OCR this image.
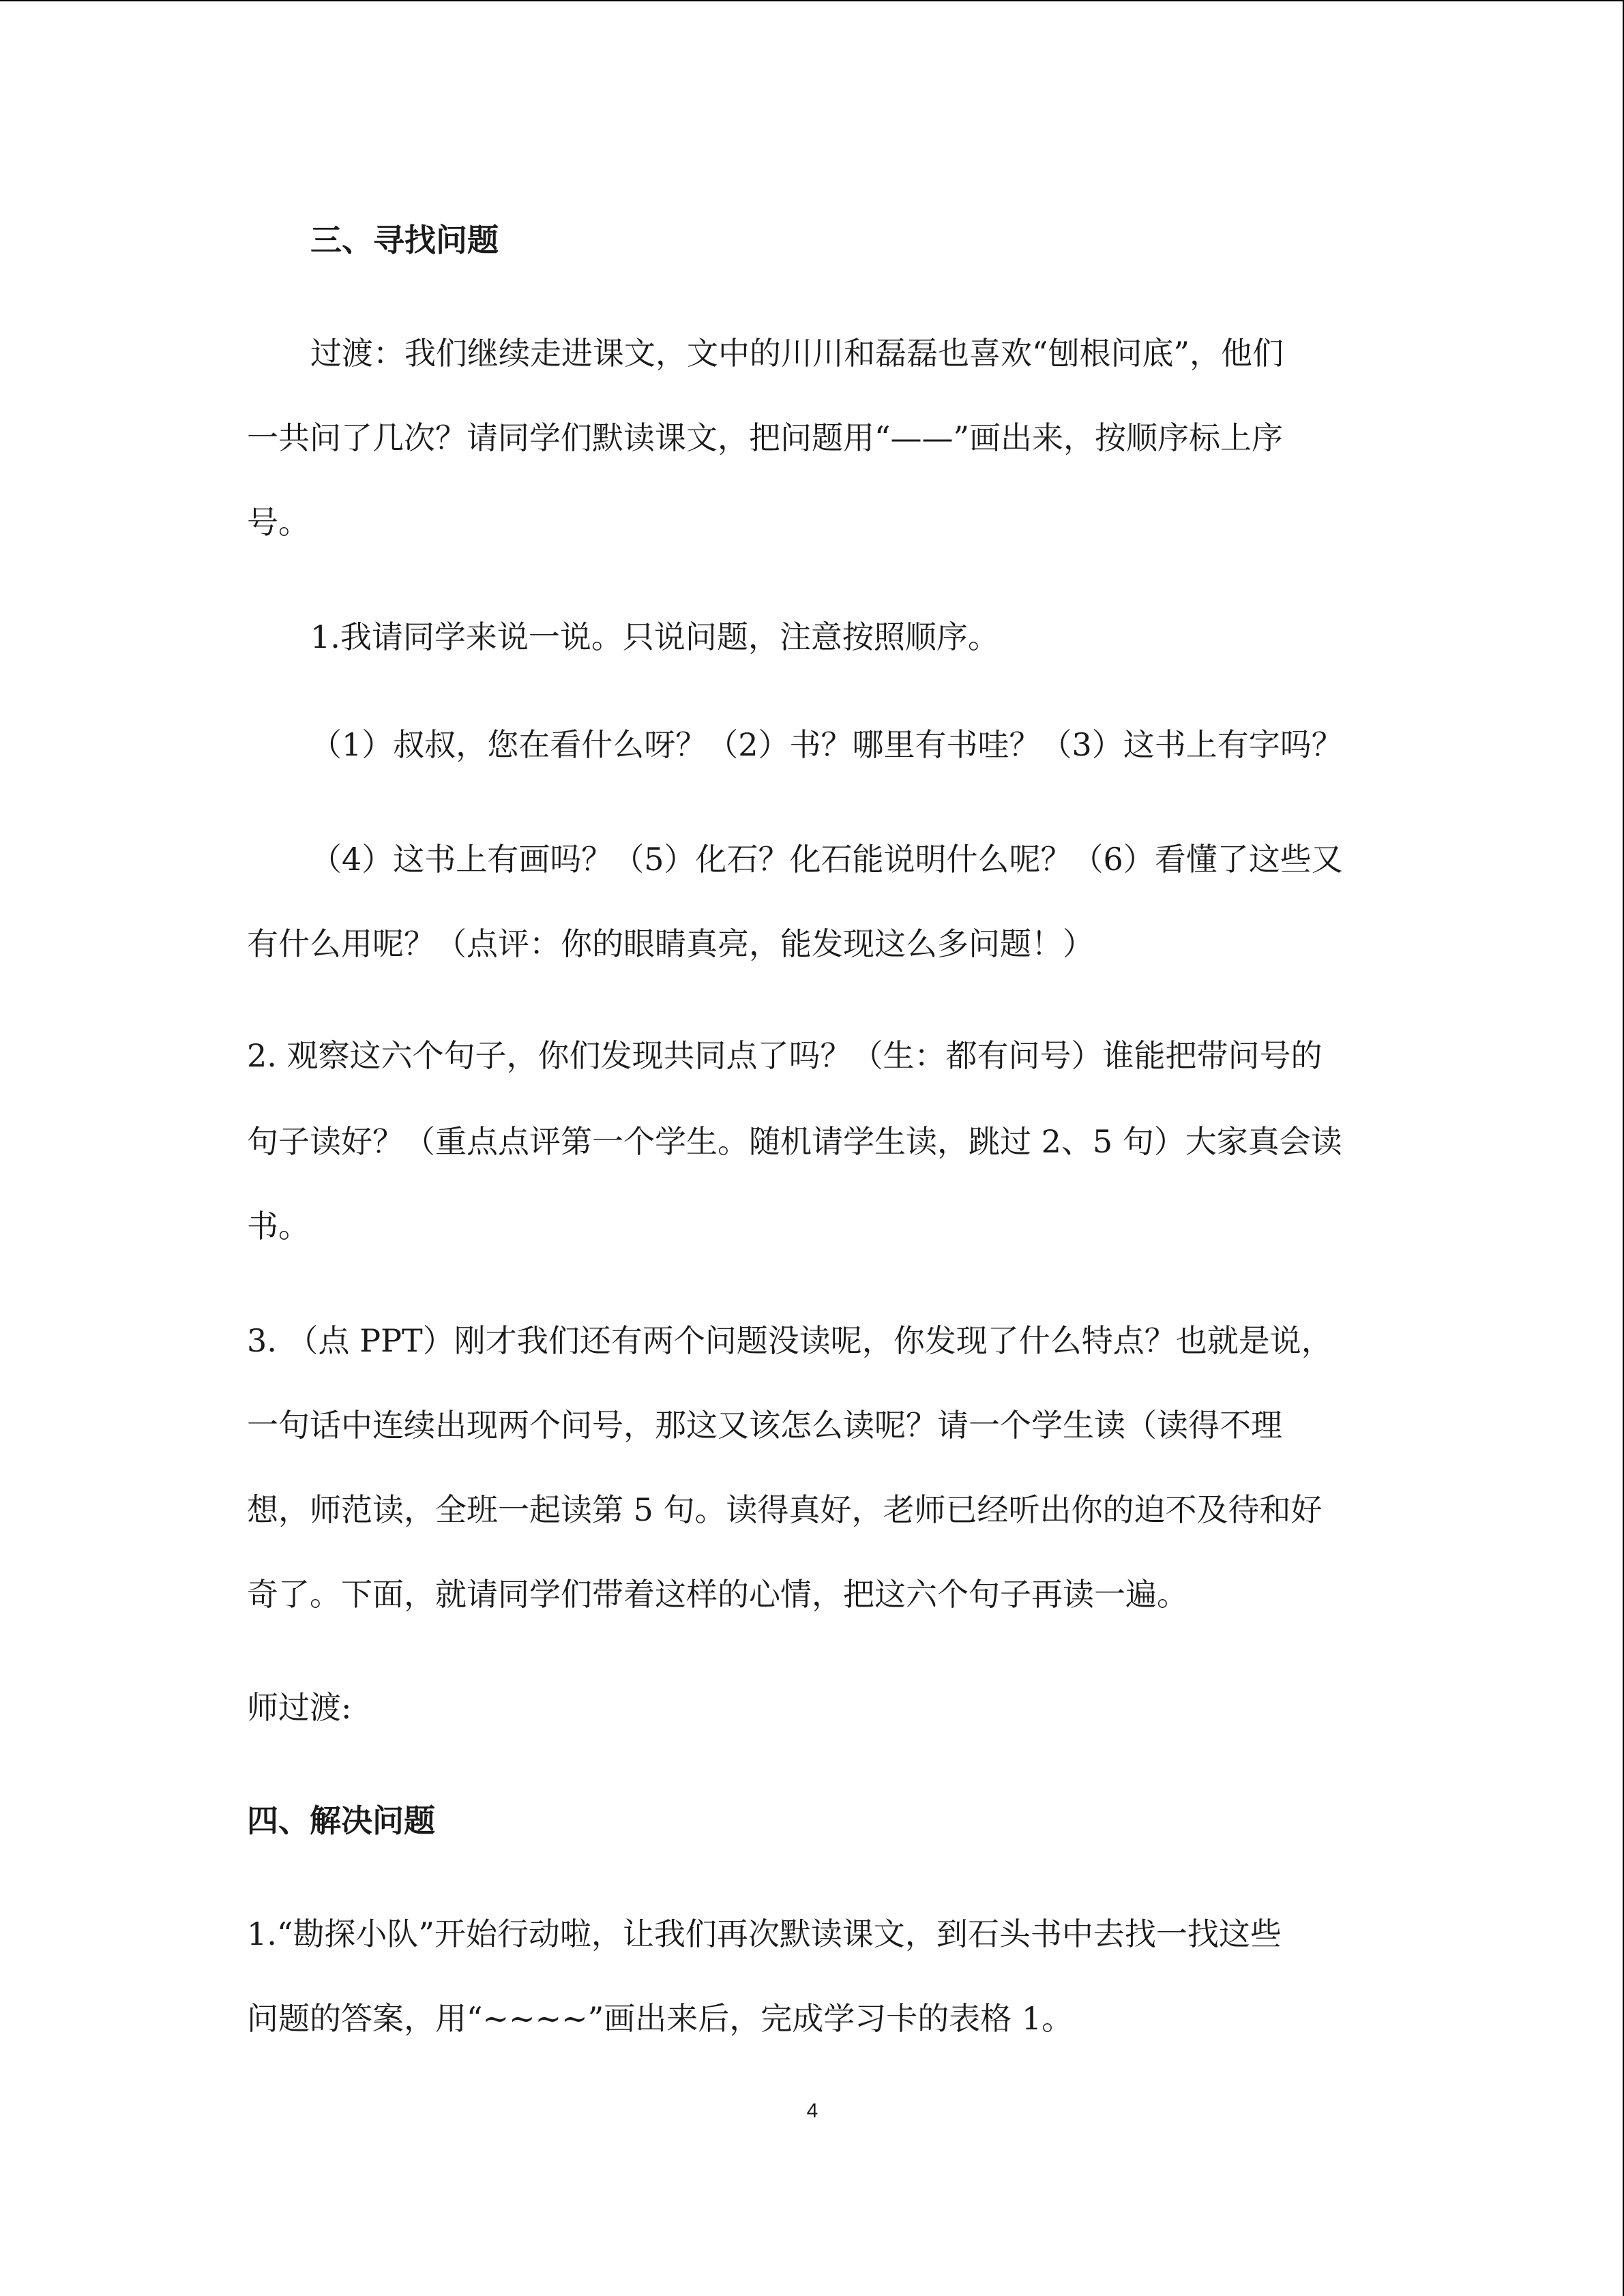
三、寻找问题

过渡：我们继续走进课文，文中的川川和磊磊也喜欢“刨根问底”，他们

一共问了几次？请同学们默读课文，把问题用“——”画出来，按顺序标上序

号。

1.我请同学来说一说。只说问题，注意按照顺序。

（1）叔叔，您在看什么呀？（2）书？哪里有书哇？（3）这书上有字吗？

（4）这书上有画吗？（5）化石？化石能说明什么呢？（6）看懂了这些又

有什么用呢？（点评：你的眼睛真亮，能发现这么多问题！）

2. 观察这六个句子，你们发现共同点了吗？（生：都有问号）谁能把带问号的

句子读好？（重点点评第一个学生。随机请学生读，跳过 2、5 句）大家真会读

书。

3. （点 PPT）刚才我们还有两个问题没读呢，你发现了什么特点？也就是说，

一句话中连续出现两个问号，那这又该怎么读呢？请一个学生读（读得不理

想，师范读，全班一起读第 5 句。读得真好，老师已经听出你的迫不及待和好

奇了。下面，就请同学们带着这样的心情，把这六个句子再读一遍。

师过渡:

四、解决问题

1.“勘探小队”开始行动啦，让我们再次默读课文，到石头书中去找一找这些

问题的答案，用“~~~~”画出来后，完成学习卡的表格 1。

4
